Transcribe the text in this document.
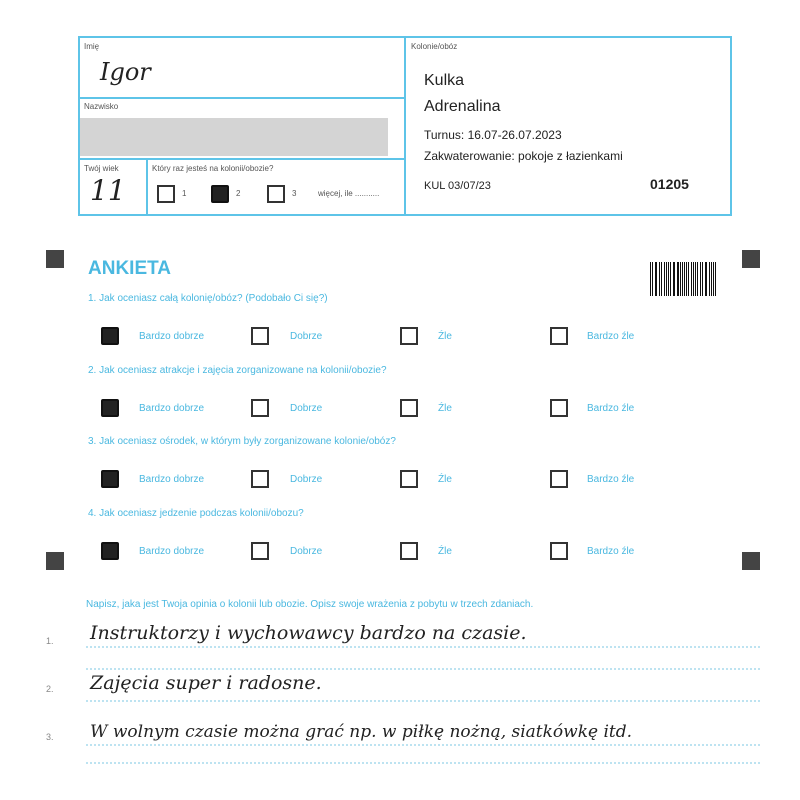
Imię
Igor
Nazwisko
Twój wiek
11
Który raz jesteś na kolonii/obozie?
1	2	3	więcej, ile ...........
Kolonie/obóz
Kulka
Adrenalina
Turnus: 16.07-26.07.2023
Zakwaterowanie: pokoje z łazienkami
KUL 03/07/23	01205
ANKIETA
1. Jak oceniasz całą kolonię/obóz? (Podobało Ci się?)
Bardzo dobrze	Dobrze	Źle	Bardzo źle
2. Jak oceniasz atrakcje i zajęcia zorganizowane na kolonii/obozie?
Bardzo dobrze	Dobrze	Źle	Bardzo źle
3. Jak oceniasz ośrodek, w którym były zorganizowane kolonie/obóz?
Bardzo dobrze	Dobrze	Źle	Bardzo źle
4. Jak oceniasz jedzenie podczas kolonii/obozu?
Bardzo dobrze	Dobrze	Źle	Bardzo źle
Napisz, jaka jest Twoja opinia o kolonii lub obozie. Opisz swoje wrażenia z pobytu w trzech zdaniach.
1. Instruktorzy i wychowawcy bardzo na czasie.
2. Zajęcia super i radosne.
3. W wolnym czasie można grać np. w piłkę nożną, siatkówkę itd.
